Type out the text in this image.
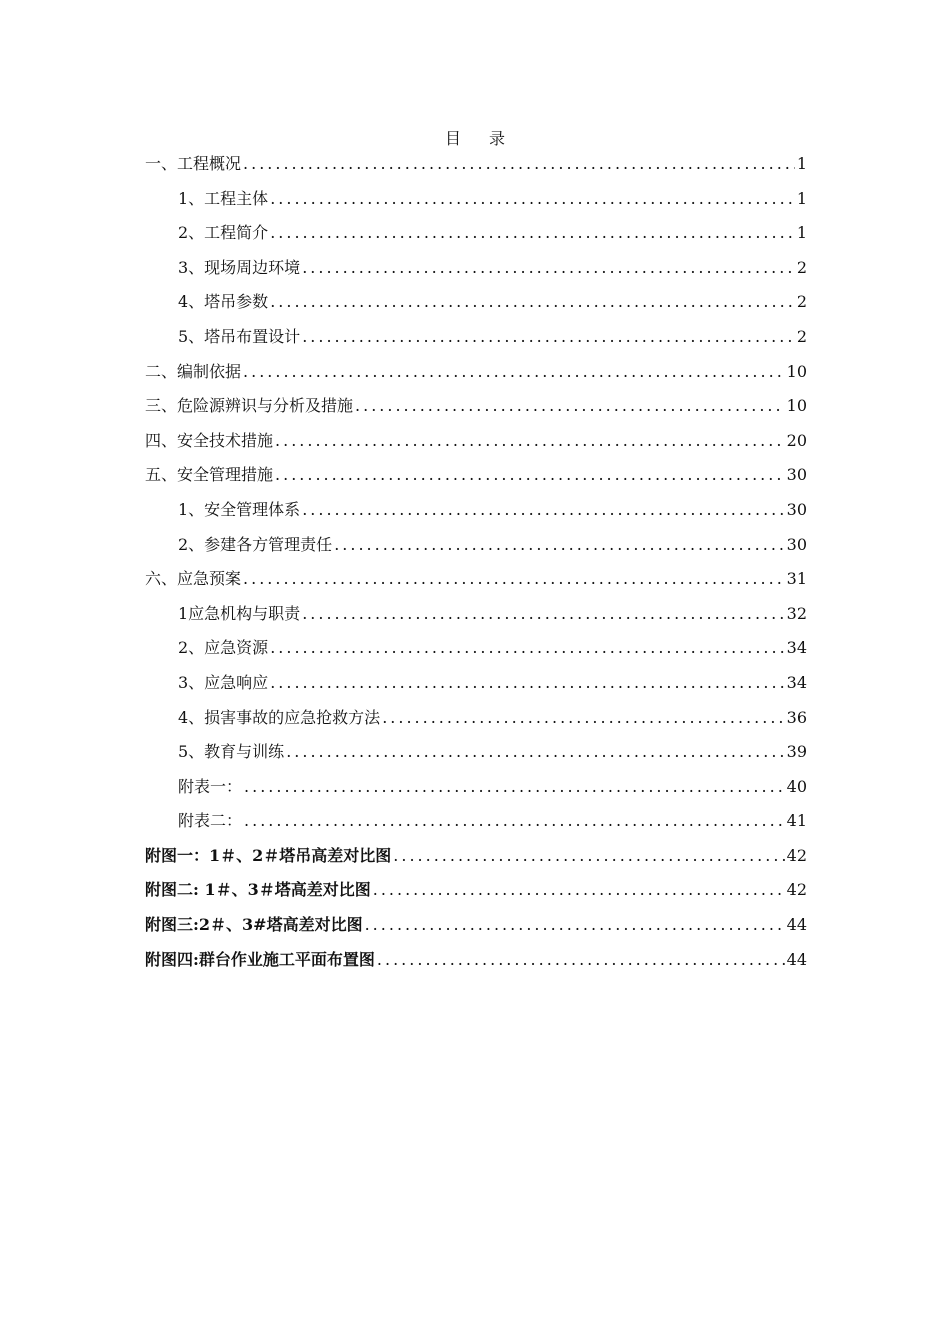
目 录
一、工程概况 .....	1
1、工程主体 .....	1
2、工程简介 .....	1
3、现场周边环境 .....	2
4、塔吊参数 .....	2
5、塔吊布置设计 .....	2
二、编制依据 .....	10
三、危险源辨识与分析及措施 .....	10
四、安全技术措施 .....	20
五、安全管理措施 .....	30
1、安全管理体系 .....	30
2、参建各方管理责任 .....	30
六、应急预案 .....	31
1应急机构与职责 .....	32
2、应急资源 .....	34
3、应急响应 .....	34
4、损害事故的应急抢救方法 .....	36
5、教育与训练 .....	39
附表一： .....	40
附表二： .....	41
附图一：1＃、2＃塔吊高差对比图 .....	42
附图二: 1＃、3＃塔高差对比图 .....	42
附图三:2＃、3#塔高差对比图 .....	44
附图四:群台作业施工平面布置图 .....	44
